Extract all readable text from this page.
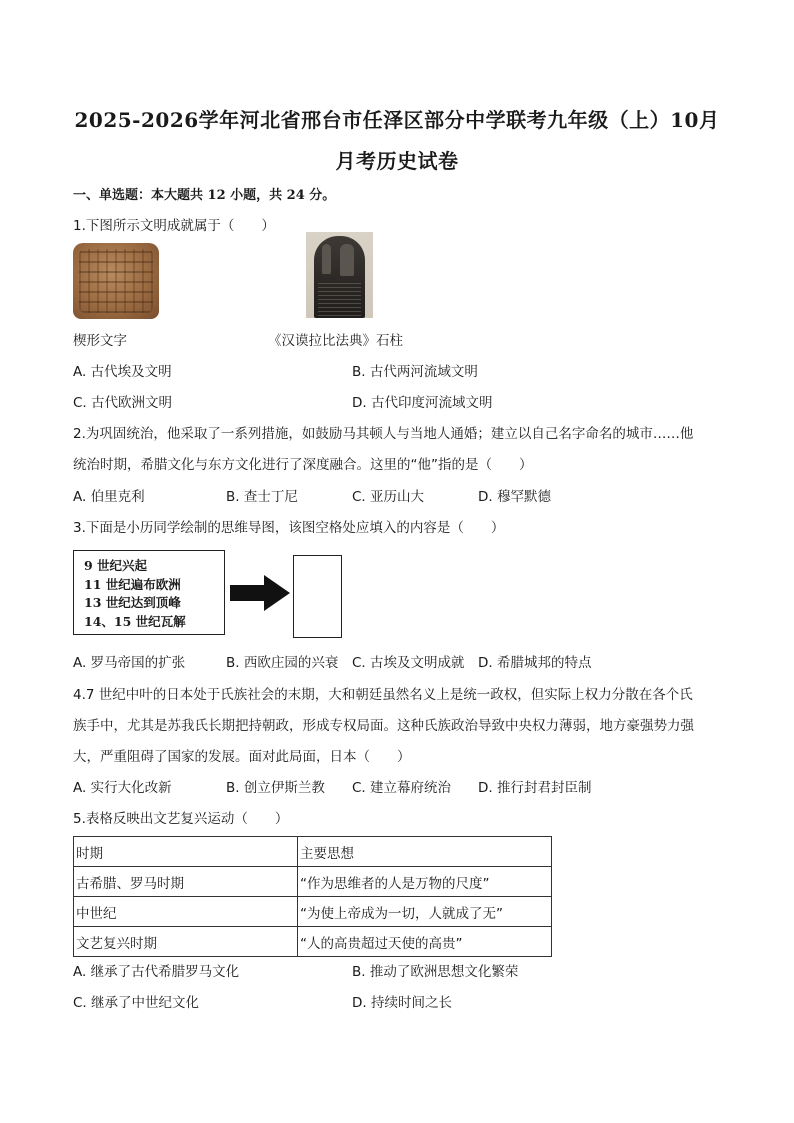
2025-2026学年河北省邢台市任泽区部分中学联考九年级（上）10月
月考历史试卷
一、单选题：本大题共 12 小题，共 24 分。
1.下图所示文明成就属于（　　）
楔形文字	《汉谟拉比法典》石柱
A. 古代埃及文明	B. 古代两河流域文明
C. 古代欧洲文明	D. 古代印度河流域文明
2.为巩固统治，他采取了一系列措施，如鼓励马其顿人与当地人通婚；建立以自己名字命名的城市……他
统治时期，希腊文化与东方文化进行了深度融合。这里的“他”指的是（　　）
A. 伯里克利	B. 查士丁尼	C. 亚历山大	D. 穆罕默德
3.下面是小历同学绘制的思维导图，该图空格处应填入的内容是（　　）
9 世纪兴起
11 世纪遍布欧洲
13 世纪达到顶峰
14、15 世纪瓦解
A. 罗马帝国的扩张	B. 西欧庄园的兴衰 C. 古埃及文明成就 D. 希腊城邦的特点
4.7 世纪中叶的日本处于氏族社会的末期，大和朝廷虽然名义上是统一政权，但实际上权力分散在各个氏
族手中，尤其是苏我氏长期把持朝政，形成专权局面。这种氏族政治导致中央权力薄弱，地方豪强势力强
大，严重阻碍了国家的发展。面对此局面，日本（　　）
A. 实行大化改新	B. 创立伊斯兰教 C. 建立幕府统治 D. 推行封君封臣制
5.表格反映出文艺复兴运动（　　）
时期	主要思想
古希腊、罗马时期	“作为思维者的人是万物的尺度”
中世纪	“为使上帝成为一切，人就成了无”
文艺复兴时期	“人的高贵超过天使的高贵”
A. 继承了古代希腊罗马文化	B. 推动了欧洲思想文化繁荣
C. 继承了中世纪文化	D. 持续时间之长
